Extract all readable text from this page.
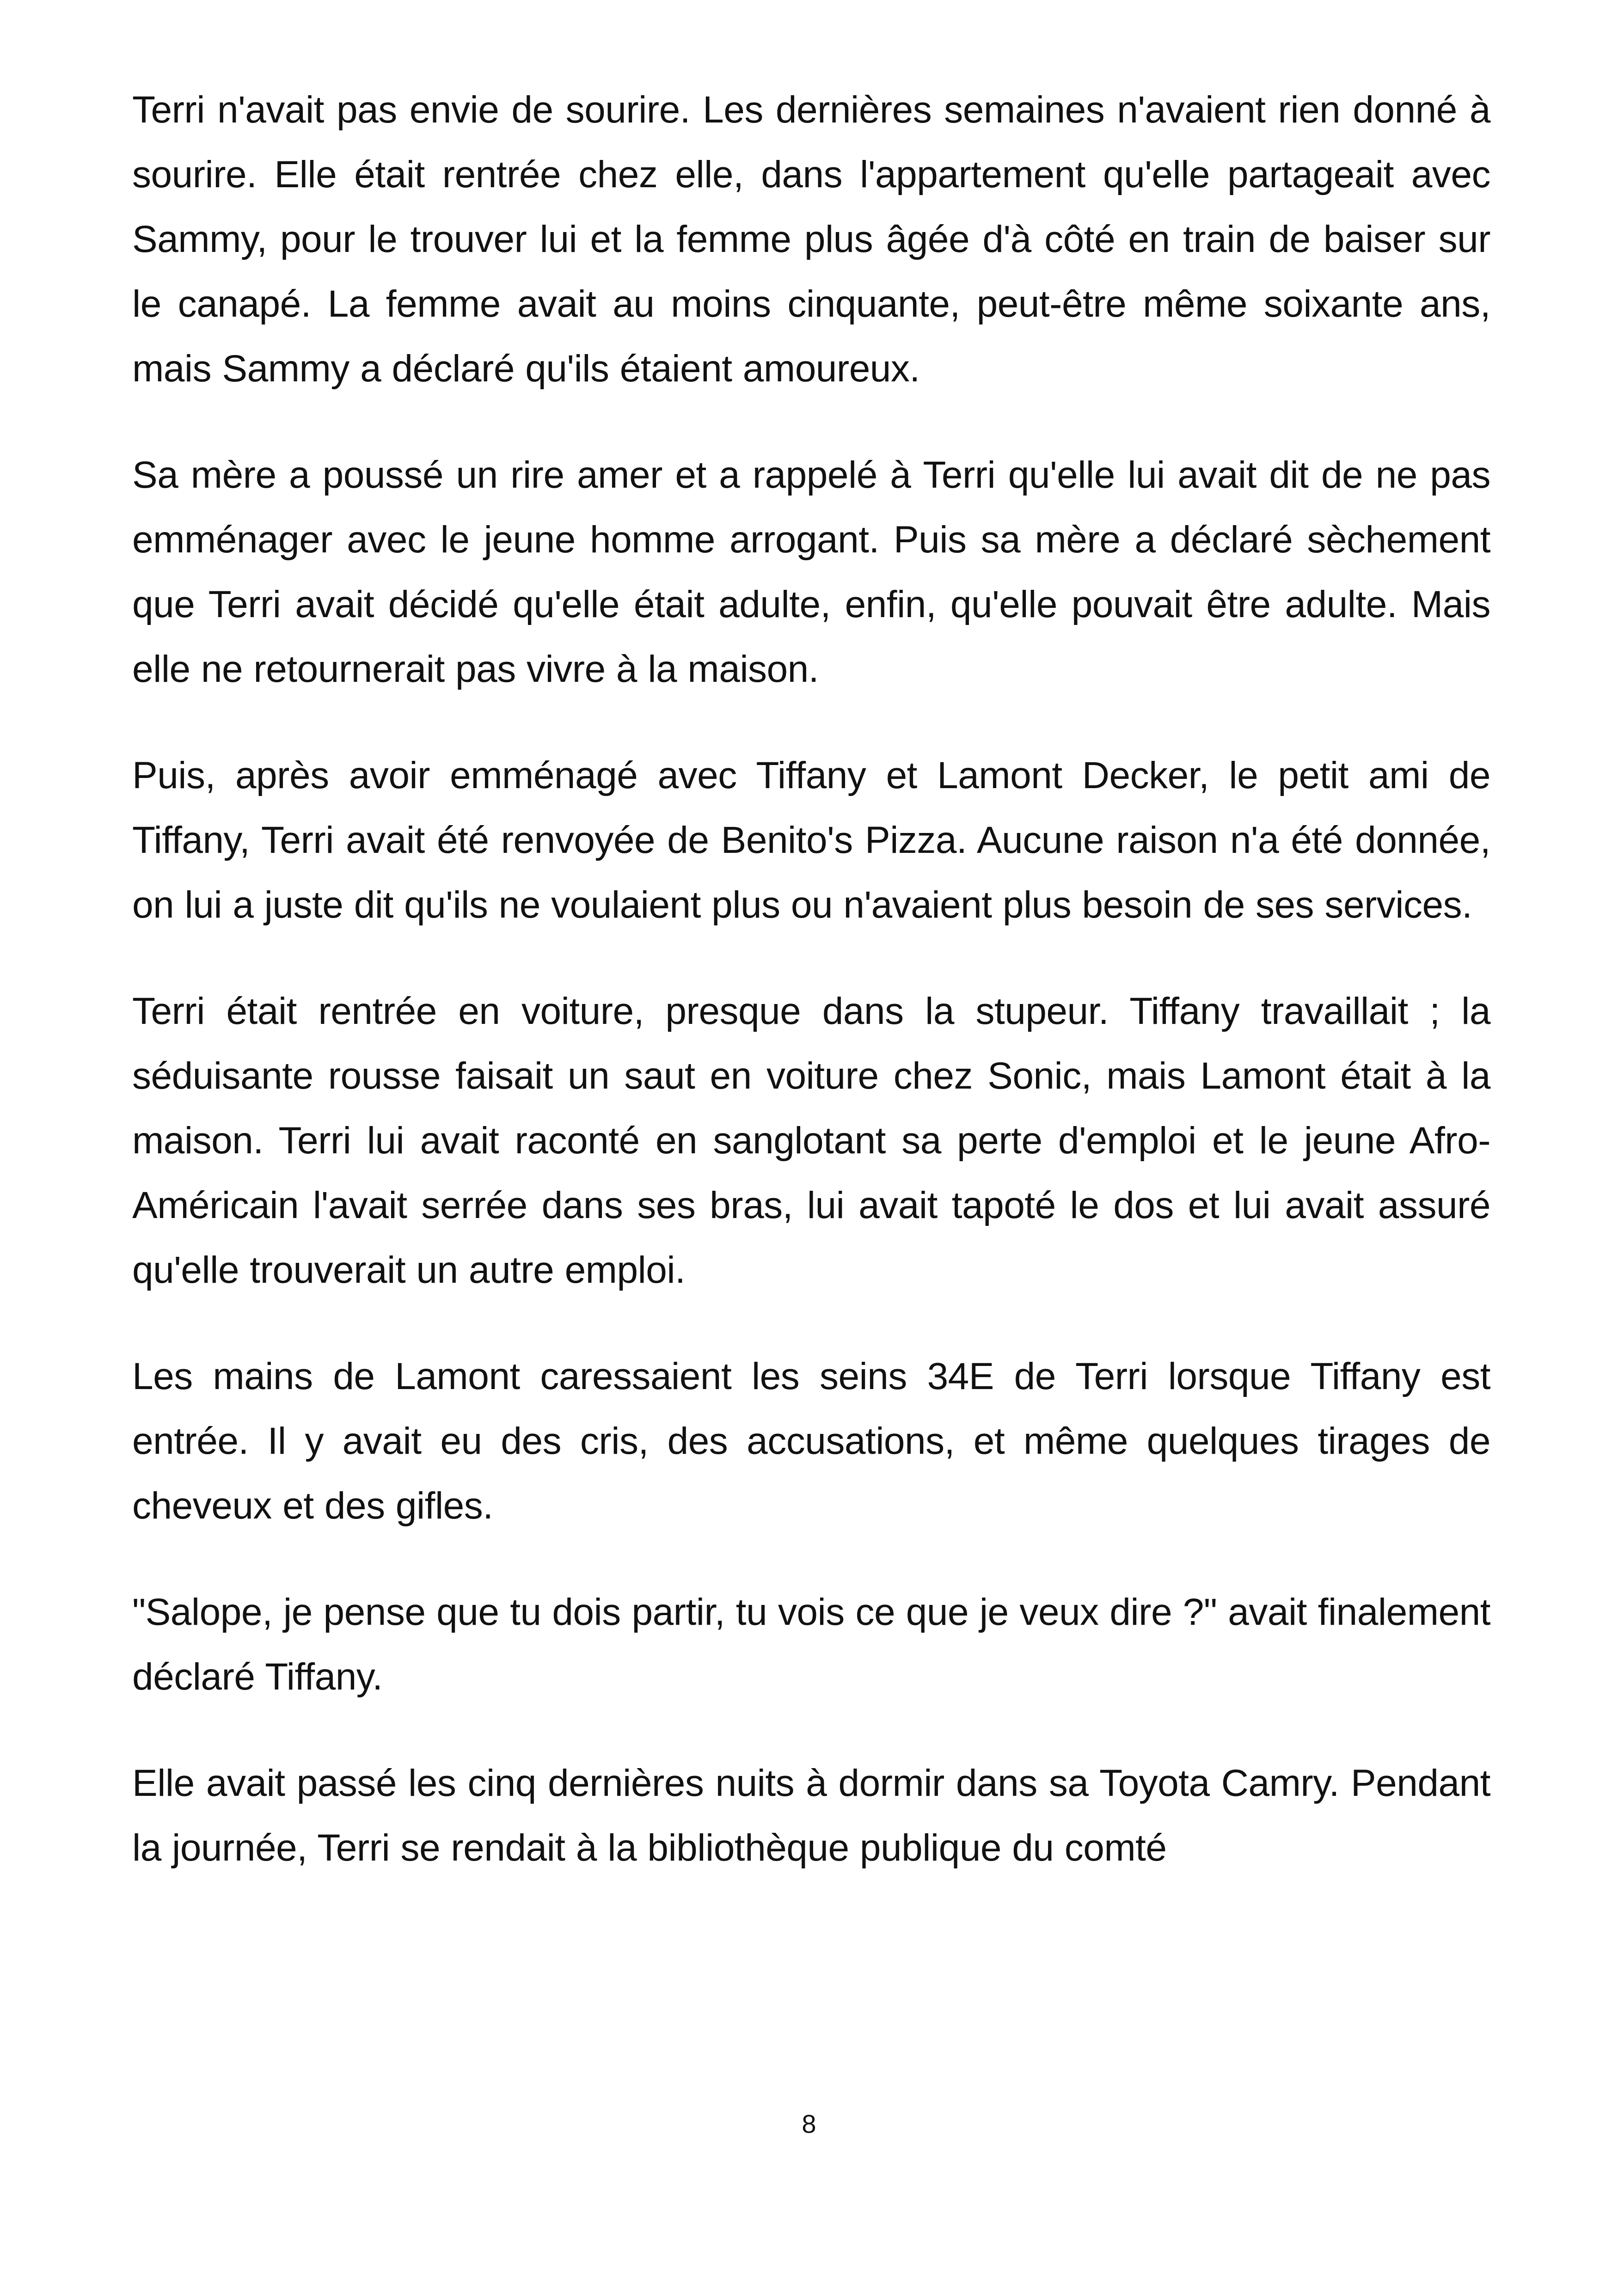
Terri n'avait pas envie de sourire. Les dernières semaines n'avaient rien donné à sourire. Elle était rentrée chez elle, dans l'appartement qu'elle partageait avec Sammy, pour le trouver lui et la femme plus âgée d'à côté en train de baiser sur le canapé. La femme avait au moins cinquante, peut-être même soixante ans, mais Sammy a déclaré qu'ils étaient amoureux.

Sa mère a poussé un rire amer et a rappelé à Terri qu'elle lui avait dit de ne pas emménager avec le jeune homme arrogant. Puis sa mère a déclaré sèchement que Terri avait décidé qu'elle était adulte, enfin, qu'elle pouvait être adulte. Mais elle ne retournerait pas vivre à la maison.

Puis, après avoir emménagé avec Tiffany et Lamont Decker, le petit ami de Tiffany, Terri avait été renvoyée de Benito's Pizza. Aucune raison n'a été donnée, on lui a juste dit qu'ils ne voulaient plus ou n'avaient plus besoin de ses services.

Terri était rentrée en voiture, presque dans la stupeur. Tiffany travaillait ; la séduisante rousse faisait un saut en voiture chez Sonic, mais Lamont était à la maison. Terri lui avait raconté en sanglotant sa perte d'emploi et le jeune Afro-Américain l'avait serrée dans ses bras, lui avait tapoté le dos et lui avait assuré qu'elle trouverait un autre emploi.

Les mains de Lamont caressaient les seins 34E de Terri lorsque Tiffany est entrée. Il y avait eu des cris, des accusations, et même quelques tirages de cheveux et des gifles.

"Salope, je pense que tu dois partir, tu vois ce que je veux dire ?" avait finalement déclaré Tiffany.

Elle avait passé les cinq dernières nuits à dormir dans sa Toyota Camry. Pendant la journée, Terri se rendait à la bibliothèque publique du comté

8
